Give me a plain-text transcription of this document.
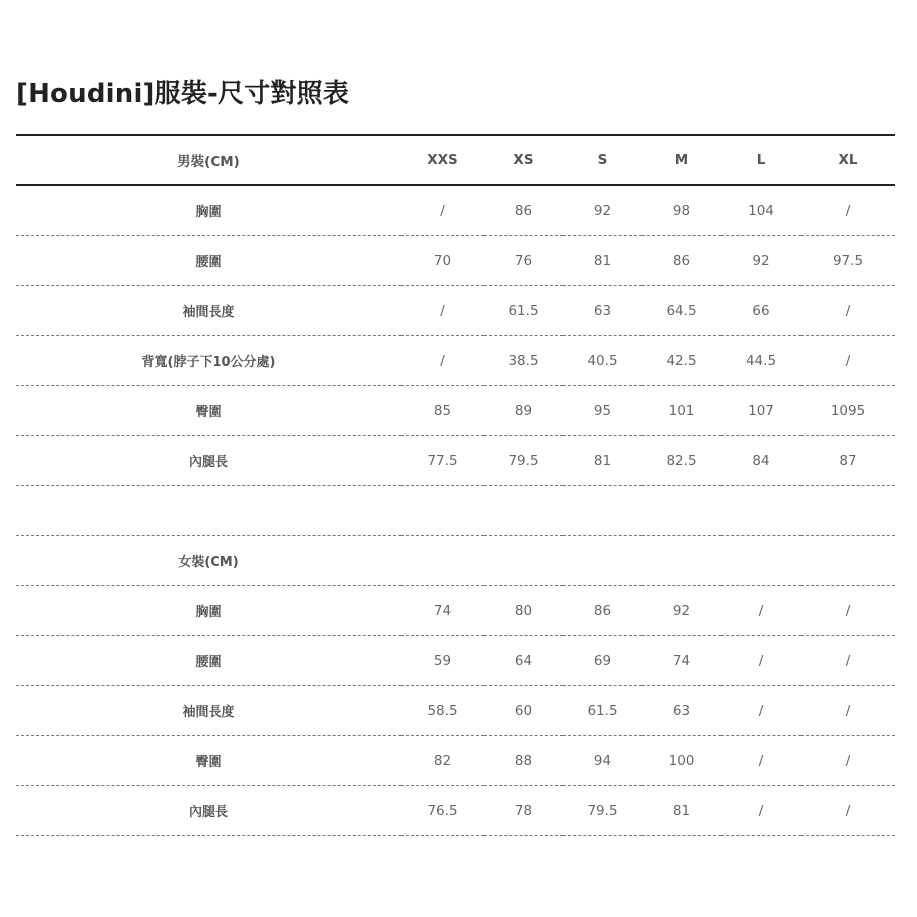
[Houdini]服裝-尺寸對照表
男裝(CM)	XXS	XS	S	M	L	XL
胸圍	/	86	92	98	104	/
腰圍	70	76	81	86	92	97.5
袖間長度	/	61.5	63	64.5	66	/
背寬(脖子下10公分處)	/	38.5	40.5	42.5	44.5	/
臀圍	85	89	95	101	107	1095
內腿長	77.5	79.5	81	82.5	84	87

女裝(CM)						
胸圍	74	80	86	92	/	/
腰圍	59	64	69	74	/	/
袖間長度	58.5	60	61.5	63	/	/
臀圍	82	88	94	100	/	/
內腿長	76.5	78	79.5	81	/	/
